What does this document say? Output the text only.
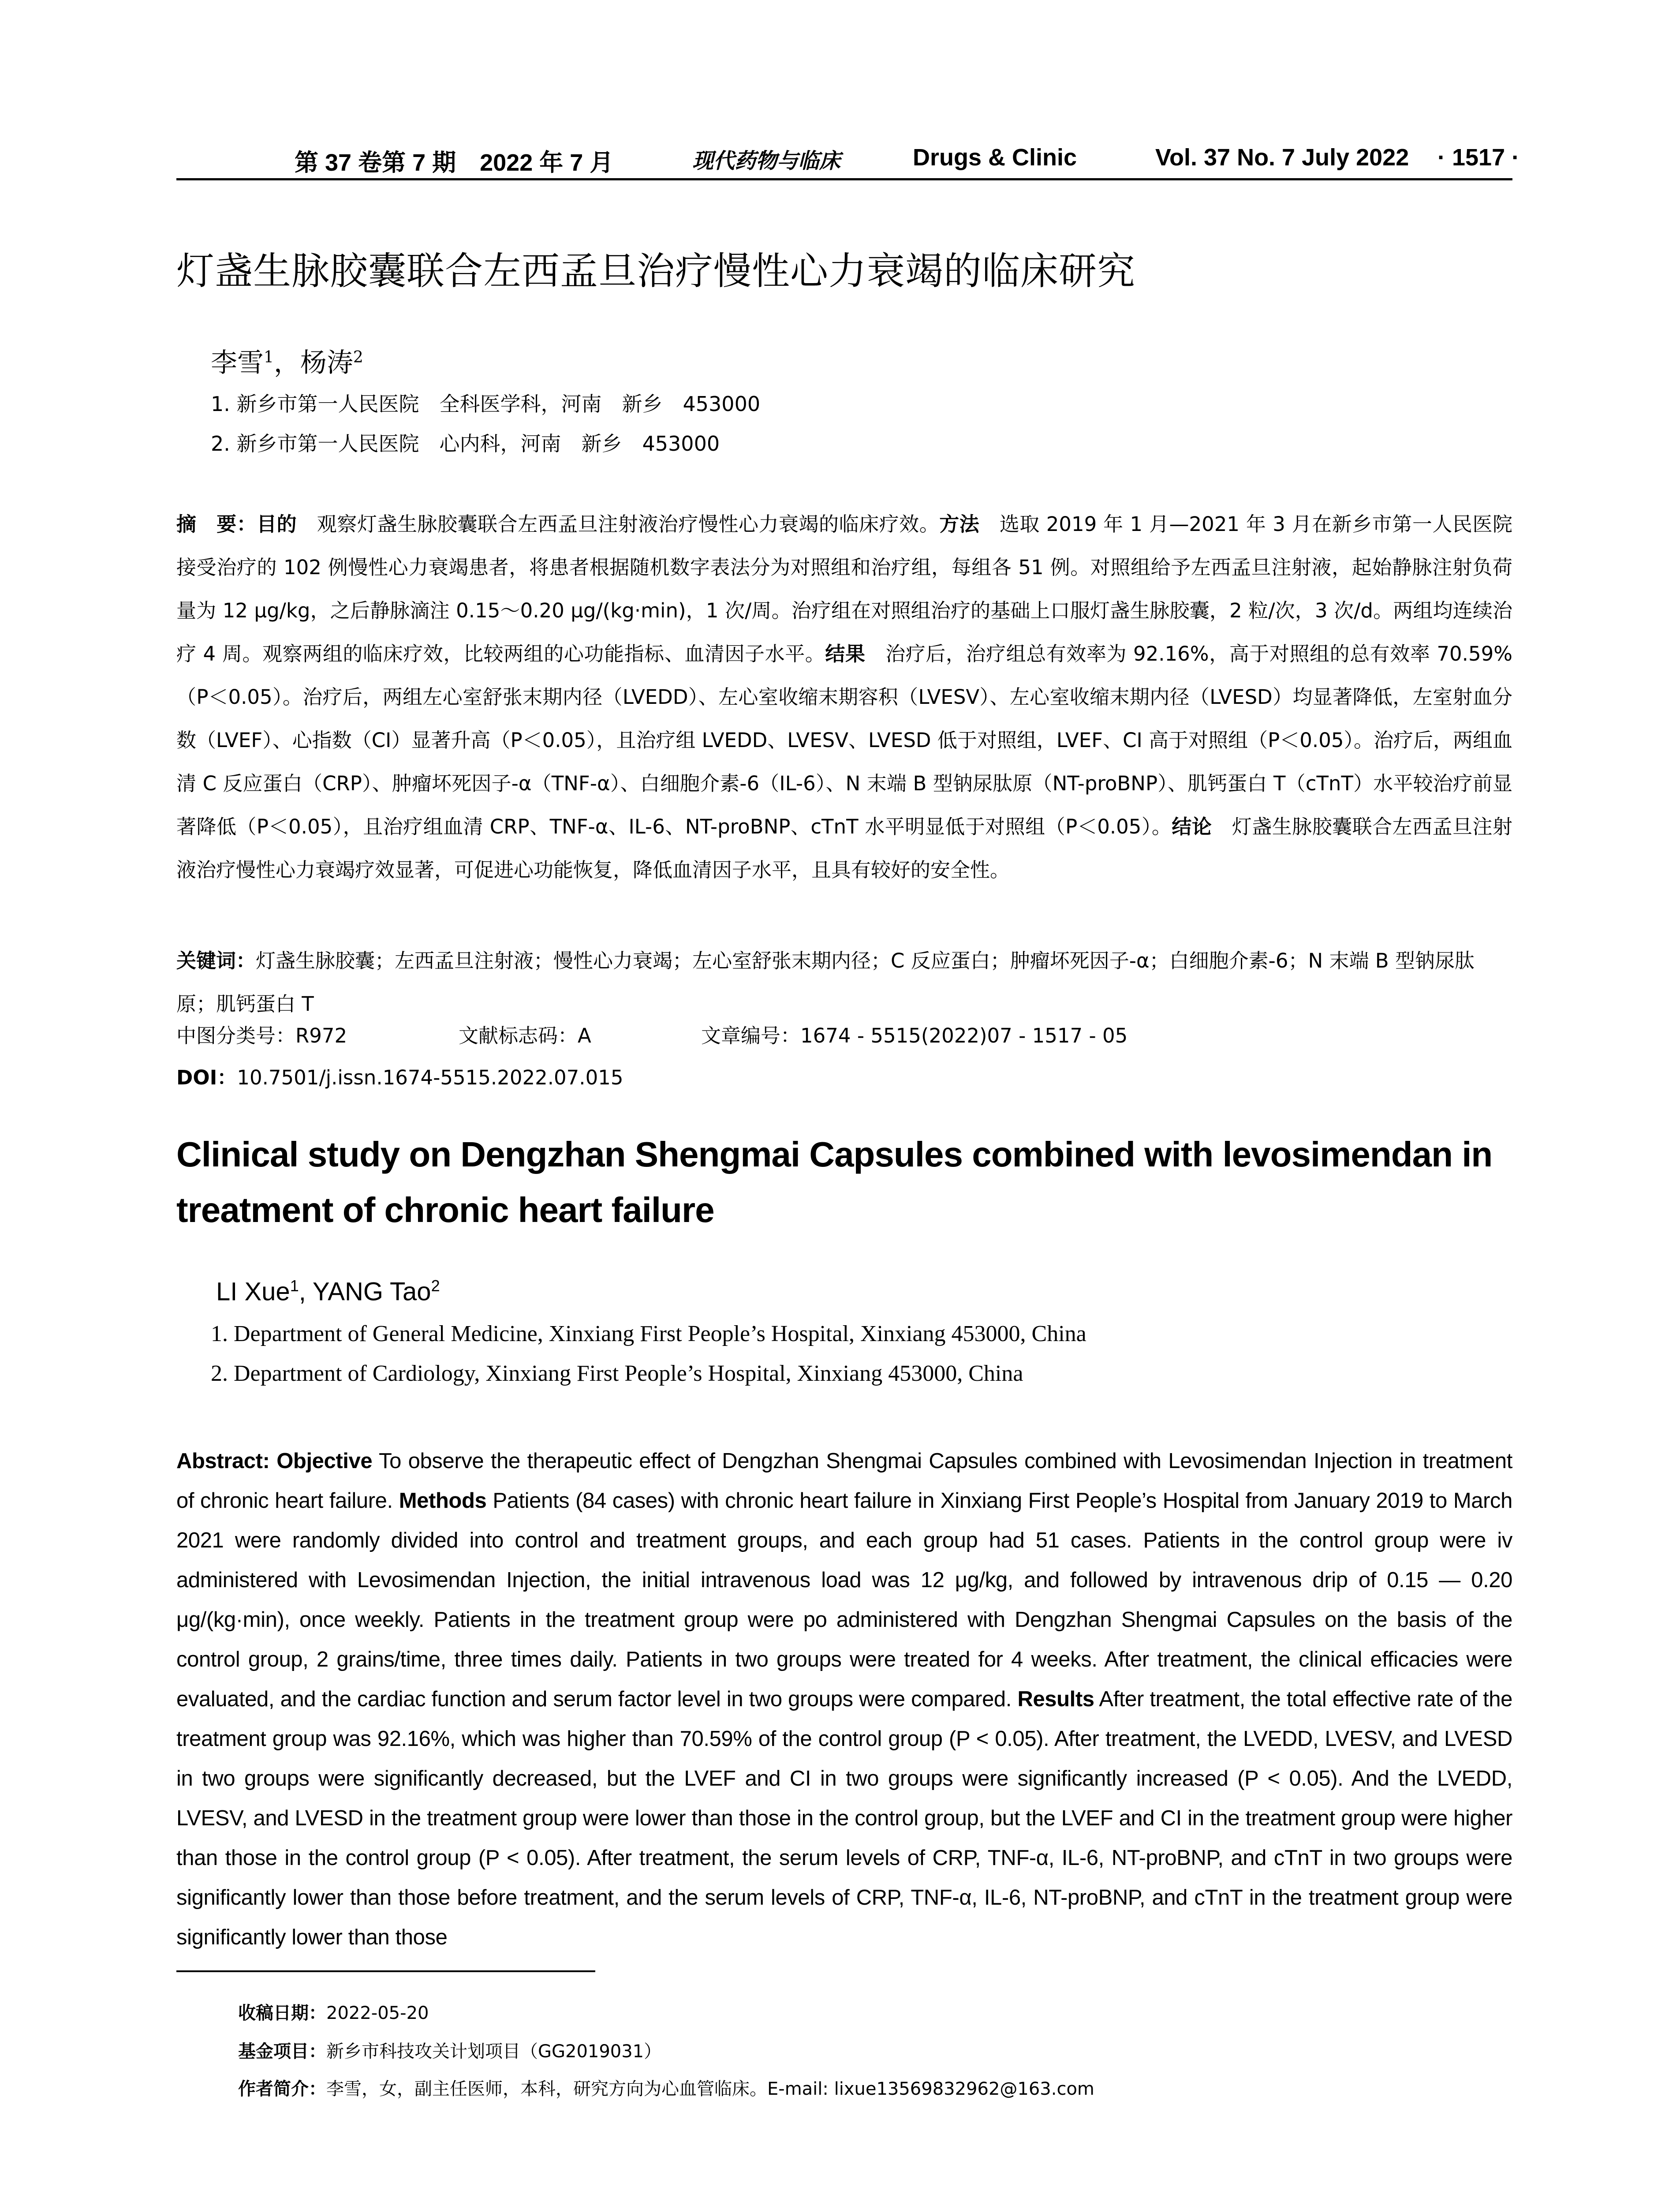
第 37 卷第 7 期　2022 年 7 月	现代药物与临床	Drugs & Clinic	Vol. 37 No. 7 July 2022 · 1517 ·
灯盏生脉胶囊联合左西孟旦治疗慢性心力衰竭的临床研究
李雪$^1$，杨涛$^2$
1. 新乡市第一人民医院　全科医学科，河南　新乡　453000
2. 新乡市第一人民医院　心内科，河南　新乡　453000
摘　要：目的　观察灯盏生脉胶囊联合左西孟旦注射液治疗慢性心力衰竭的临床疗效。方法　选取 2019 年 1 月—2021 年 3 月在新乡市第一人民医院接受治疗的 102 例慢性心力衰竭患者，将患者根据随机数字表法分为对照组和治疗组，每组各 51 例。对照组给予左西孟旦注射液，起始静脉注射负荷量为 12 μg/kg，之后静脉滴注 0.15～0.20 μg/(kg·min)，1 次/周。治疗组在对照组治疗的基础上口服灯盏生脉胶囊，2 粒/次，3 次/d。两组均连续治疗 4 周。观察两组的临床疗效，比较两组的心功能指标、血清因子水平。结果　治疗后，治疗组总有效率为 92.16%，高于对照组的总有效率 70.59%（P＜0.05）。治疗后，两组左心室舒张末期内径（LVEDD）、左心室收缩末期容积（LVESV）、左心室收缩末期内径（LVESD）均显著降低，左室射血分数（LVEF）、心指数（CI）显著升高（P＜0.05），且治疗组 LVEDD、LVESV、LVESD 低于对照组，LVEF、CI 高于对照组（P＜0.05）。治疗后，两组血清 C 反应蛋白（CRP）、肿瘤坏死因子-α（TNF-α）、白细胞介素-6（IL-6）、N 末端 B 型钠尿肽原（NT-proBNP）、肌钙蛋白 T（cTnT）水平较治疗前显著降低（P＜0.05），且治疗组血清 CRP、TNF-α、IL-6、NT-proBNP、cTnT 水平明显低于对照组（P＜0.05）。结论　灯盏生脉胶囊联合左西孟旦注射液治疗慢性心力衰竭疗效显著，可促进心功能恢复，降低血清因子水平，且具有较好的安全性。
关键词：灯盏生脉胶囊；左西孟旦注射液；慢性心力衰竭；左心室舒张末期内径；C 反应蛋白；肿瘤坏死因子-α；白细胞介素-6；N 末端 B 型钠尿肽原；肌钙蛋白 T
中图分类号：R972	文献标志码：A	文章编号：1674 - 5515(2022)07 - 1517 - 05
DOI：10.7501/j.issn.1674-5515.2022.07.015
Clinical study on Dengzhan Shengmai Capsules combined with levosimendan in treatment of chronic heart failure
LI Xue$^1$, YANG Tao$^2$
1. Department of General Medicine, Xinxiang First People’s Hospital, Xinxiang 453000, China
2. Department of Cardiology, Xinxiang First People’s Hospital, Xinxiang 453000, China
Abstract: Objective To observe the therapeutic effect of Dengzhan Shengmai Capsules combined with Levosimendan Injection in treatment of chronic heart failure. Methods Patients (84 cases) with chronic heart failure in Xinxiang First People’s Hospital from January 2019 to March 2021 were randomly divided into control and treatment groups, and each group had 51 cases. Patients in the control group were iv administered with Levosimendan Injection, the initial intravenous load was 12 μg/kg, and followed by intravenous drip of 0.15 — 0.20 μg/(kg·min), once weekly. Patients in the treatment group were po administered with Dengzhan Shengmai Capsules on the basis of the control group, 2 grains/time, three times daily. Patients in two groups were treated for 4 weeks. After treatment, the clinical efficacies were evaluated, and the cardiac function and serum factor level in two groups were compared. Results After treatment, the total effective rate of the treatment group was 92.16%, which was higher than 70.59% of the control group (P < 0.05). After treatment, the LVEDD, LVESV, and LVESD in two groups were significantly decreased, but the LVEF and CI in two groups were significantly increased (P < 0.05). And the LVEDD, LVESV, and LVESD in the treatment group were lower than those in the control group, but the LVEF and CI in the treatment group were higher than those in the control group (P < 0.05). After treatment, the serum levels of CRP, TNF-α, IL-6, NT-proBNP, and cTnT in two groups were significantly lower than those before treatment, and the serum levels of CRP, TNF-α, IL-6, NT-proBNP, and cTnT in the treatment group were significantly lower than those
收稿日期：2022-05-20
基金项目：新乡市科技攻关计划项目（GG2019031）
作者简介：李雪，女，副主任医师，本科，研究方向为心血管临床。E-mail: lixue13569832962@163.com
